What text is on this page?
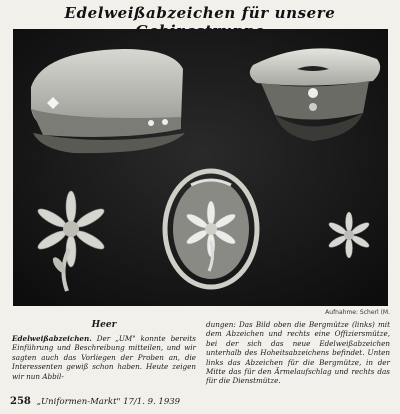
Edelweißabzeichen für unsere
Aufnahme: Scherl (M.
Heer

Edelweißabzeichen. Der „UM" konnte bereits Einführung und Beschreibung mitteilen, und wir sagten auch das Vorliegen der Proben an, die Interessenten gewiß schon haben. Heute zeigen wir nun Abbil-

dungen: Das Bild oben die Bergmütze (links) mit dem Abzeichen und rechts eine Offiziersmütze, bei der sich das neue Edelweißabzeichen unterhalb des Hoheitsabzeichens befindet. Unten links das Abzeichen für die Bergmütze, in der Mitte das für den Ärmelaufschlag und rechts das für die Dienstmütze.

258 „Uniformen-Markt" 17/1. 9. 1939
